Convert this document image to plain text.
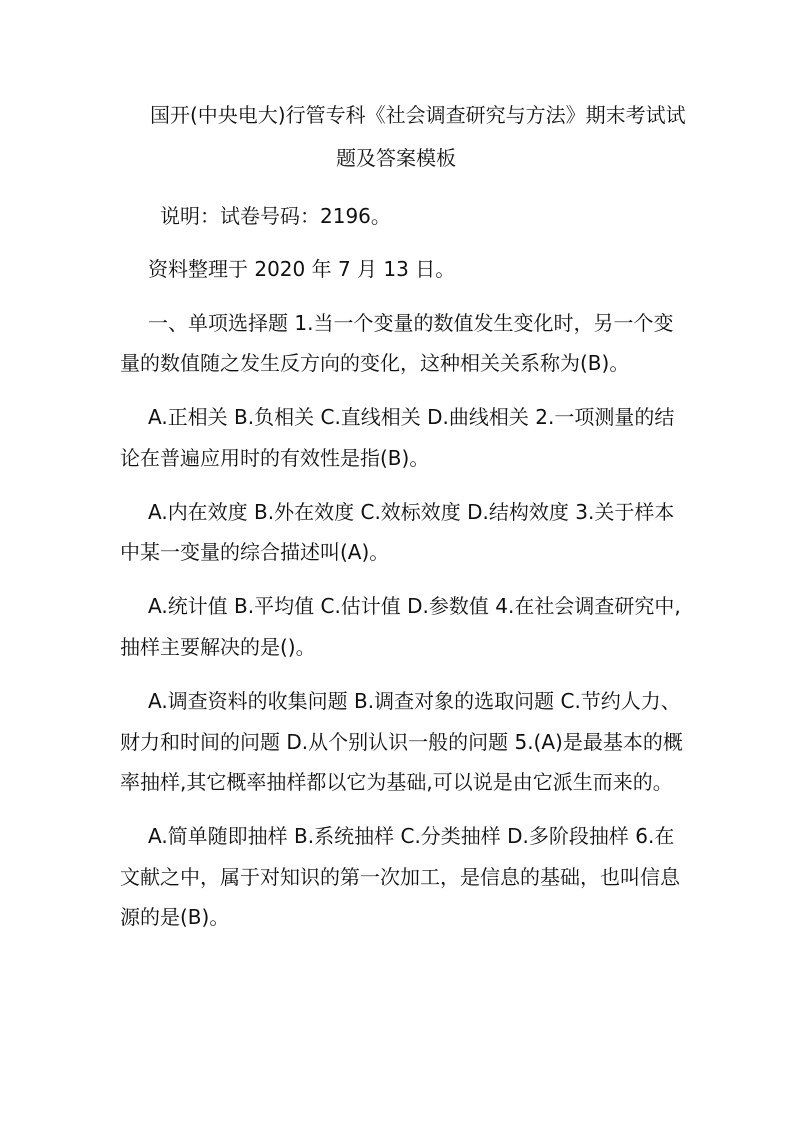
国开(中央电大)行管专科《社会调查研究与方法》期末考试试
题及答案模板
说明：试卷号码：2196。
资料整理于 2020 年 7 月 13 日。
一、单项选择题 1.当一个变量的数值发生变化时，另一个变
量的数值随之发生反方向的变化，这种相关关系称为(B)。
A.正相关 B.负相关 C.直线相关 D.曲线相关 2.一项测量的结
论在普遍应用时的有效性是指(B)。
A.内在效度 B.外在效度 C.效标效度 D.结构效度 3.关于样本
中某一变量的综合描述叫(A)。
A.统计值 B.平均值 C.估计值 D.参数值 4.在社会调查研究中,
抽样主要解决的是()。
A.调查资料的收集问题 B.调查对象的选取问题 C.节约人力、
财力和时间的问题 D.从个别认识一般的问题 5.(A)是最基本的概
率抽样,其它概率抽样都以它为基础,可以说是由它派生而来的。
A.简单随即抽样 B.系统抽样 C.分类抽样 D.多阶段抽样 6.在
文献之中，属于对知识的第一次加工，是信息的基础，也叫信息
源的是(B)。
